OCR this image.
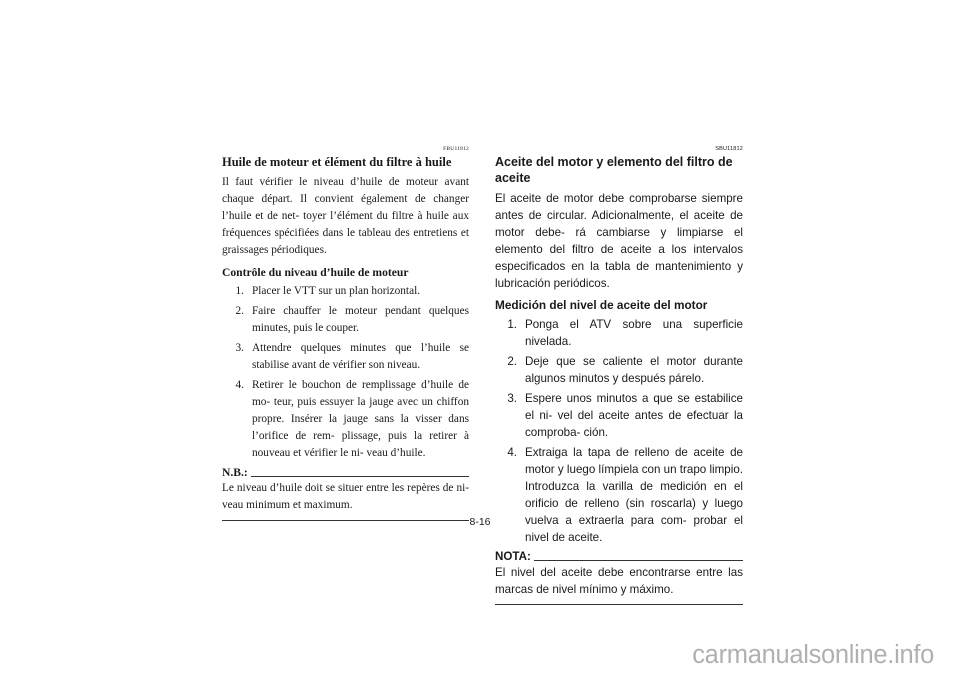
FBU11812
Huile de moteur et élément du filtre à huile

Il faut vérifier le niveau d’huile de moteur avant chaque départ. Il convient également de changer l’huile et de net- toyer l’élément du filtre à huile aux fréquences spécifiées dans le tableau des entretiens et graissages périodiques.

Contrôle du niveau d’huile de moteur
1. Placer le VTT sur un plan horizontal.
2. Faire chauffer le moteur pendant quelques minutes, puis le couper.
3. Attendre quelques minutes que l’huile se stabilise avant de vérifier son niveau.
4. Retirer le bouchon de remplissage d’huile de mo- teur, puis essuyer la jauge avec un chiffon propre. Insérer la jauge sans la visser dans l’orifice de rem- plissage, puis la retirer à nouveau et vérifier le ni- veau d’huile.
N.B.:

Le niveau d’huile doit se situer entre les repères de ni- veau minimum et maximum.

SBU11812
Aceite del motor y elemento del filtro de aceite

El aceite de motor debe comprobarse siempre antes de circular. Adicionalmente, el aceite de motor debe- rá cambiarse y limpiarse el elemento del filtro de aceite a los intervalos especificados en la tabla de mantenimiento y lubricación periódicos.

Medición del nivel de aceite del motor
1. Ponga el ATV sobre una superficie nivelada.
2. Deje que se caliente el motor durante algunos minutos y después párelo.
3. Espere unos minutos a que se estabilice el ni- vel del aceite antes de efectuar la comproba- ción.
4. Extraiga la tapa de relleno de aceite de motor y luego límpiela con un trapo limpio. Introduzca la varilla de medición en el orificio de relleno (sin roscarla) y luego vuelva a extraerla para com- probar el nivel de aceite.
NOTA:

El nivel del aceite debe encontrarse entre las marcas de nivel mínimo y máximo.

8-16
carmanualsonline.info
